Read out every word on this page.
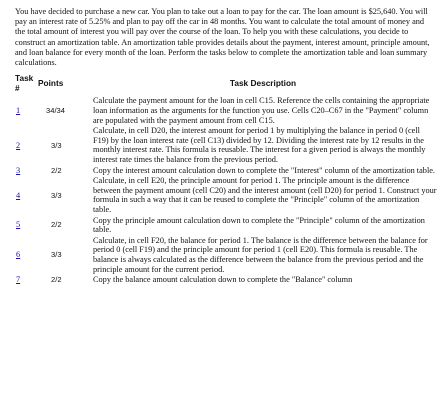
You have decided to purchase a new car. You plan to take out a loan to pay for the car. The loan amount is $25,640. You will pay an interest rate of 5.25% and plan to pay off the car in 48 months. You want to calculate the total amount of money and the total amount of interest you will pay over the course of the loan. To help you with these calculations, you decide to construct an amortization table. An amortization table provides details about the payment, interest amount, principle amount, and loan balance for every month of the loan. Perform the tasks below to complete the amortization table and loan summary calculations.

Task #	Points	Task Description
1	34/34	Calculate the payment amount for the loan in cell C15. Reference the cells containing the appropriate loan information as the arguments for the function you use. Cells C20–C67 in the "Payment" column are populated with the payment amount from cell C15.
2	3/3	Calculate, in cell D20, the interest amount for period 1 by multiplying the balance in period 0 (cell F19) by the loan interest rate (cell C13) divided by 12. Dividing the interest rate by 12 results in the monthly interest rate. This formula is reusable. The interest for a given period is always the monthly interest rate times the balance from the previous period.
3	2/2	Copy the interest amount calculation down to complete the "Interest" column of the amortization table.
4	3/3	Calculate, in cell E20, the principle amount for period 1. The principle amount is the difference between the payment amount (cell C20) and the interest amount (cell D20) for period 1. Construct your formula in such a way that it can be reused to complete the "Principle" column of the amortization table.
5	2/2	Copy the principle amount calculation down to complete the "Principle" column of the amortization table.
6	3/3	Calculate, in cell F20, the balance for period 1. The balance is the difference between the balance for period 0 (cell F19) and the principle amount for period 1 (cell E20). This formula is reusable. The balance is always calculated as the difference between the balance from the previous period and the principle amount for the current period.
7	2/2	Copy the balance amount calculation down to complete the "Balance" column
